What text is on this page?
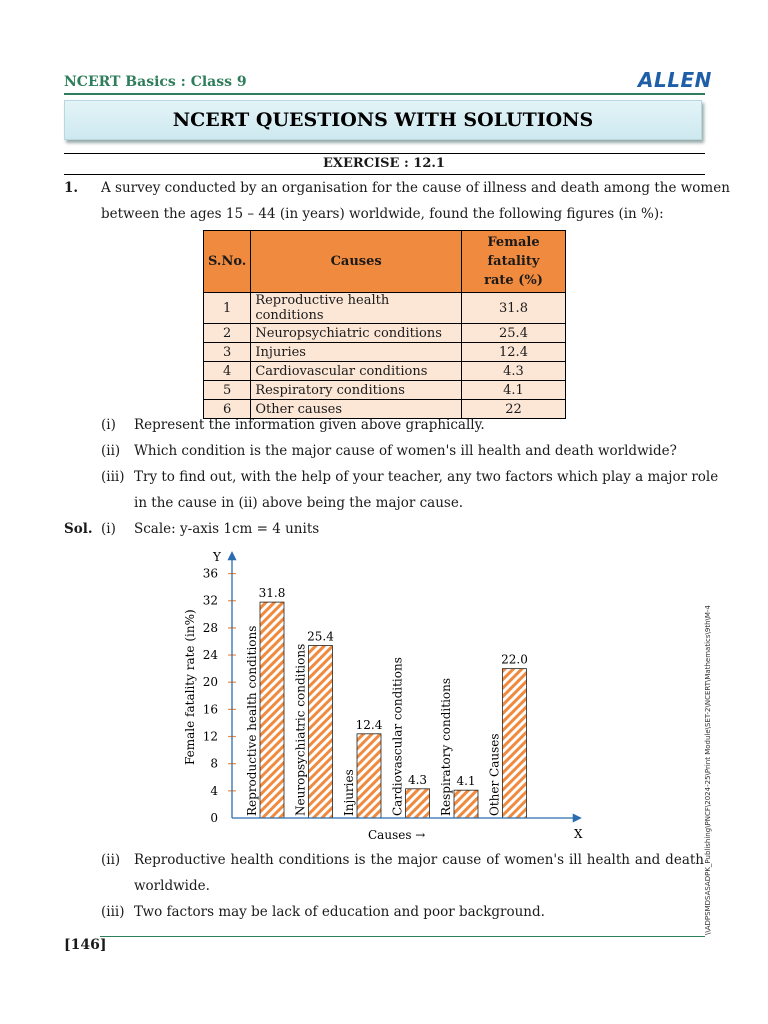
NCERT Basics : Class 9	ALLEN
NCERT QUESTIONS WITH SOLUTIONS
EXERCISE : 12.1
1. A survey conducted by an organisation for the cause of illness and death among the women
between the ages 15 – 44 (in years) worldwide, found the following figures (in %):
S.No.	Causes	Female
fatality
rate (%)

1	Reproductive health conditions	31.8
2	Neuropsychiatric conditions	25.4
3	Injuries	12.4
4	Cardiovascular conditions	4.3
5	Respiratory conditions	4.1
6	Other causes	22
(i) Represent the information given above graphically.
(ii) Which condition is the major cause of women's ill health and death worldwide?
(iii) Try to find out, with the help of your teacher, any two factors which play a major role
in the cause in (ii) above being the major cause.
Sol. (i) Scale: y-axis 1cm = 4 units
0
4
8
12
16
20
24
28
32
36
31.8
Reproductive health conditions	25.4
Neuropsychiatric conditions	12.4
Injuries	4.3
Cardiovascular conditions	4.1
Respiratory conditions
22.0
Other Causes
Y
X
Causes →
Female fatality rate (in%)
(ii) Reproductive health conditions is the major cause of women's ill health and death
worldwide.
(iii) Two factors may be lack of education and poor background.
[146]
\\ADPSMDSASADPK_Publishing\PNCF\2024-25\Print Module\SET-2\NCERT\Mathematics\9th\M-4
